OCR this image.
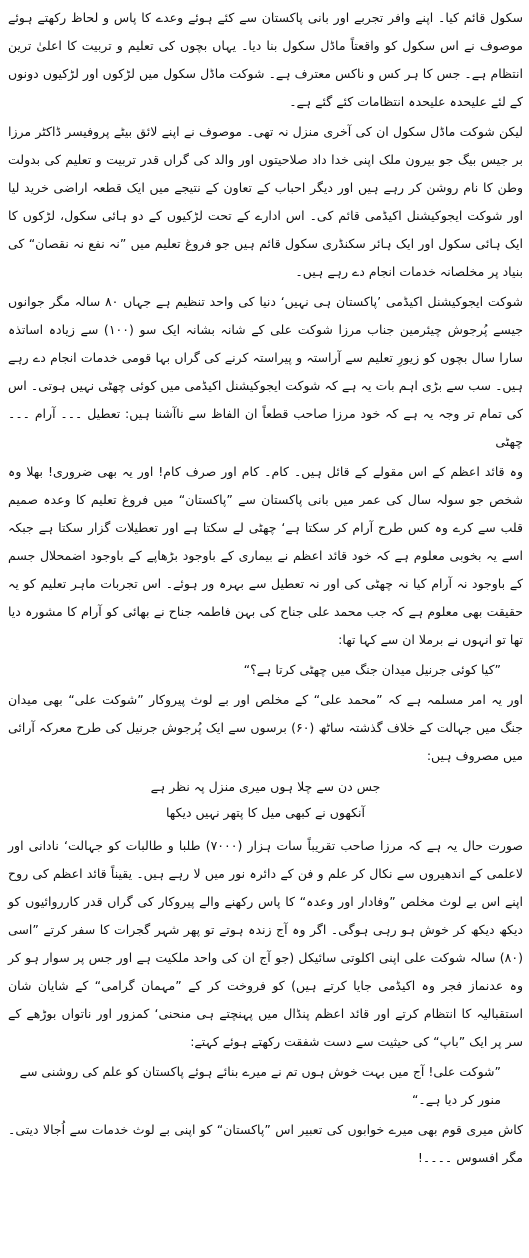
سکول قائم کیا۔ اپنے وافر تجربے اور بانی پاکستان سے کئے ہوئے وعدے کا پاس و لحاظ رکھتے ہوئے موصوف نے اس سکول کو واقعتاً ماڈل سکول بنا دیا۔ یہاں بچوں کی تعلیم و تربیت کا اعلیٰ ترین انتظام ہے۔ جس کا ہر کس و ناکس معترف ہے۔ شوکت ماڈل سکول میں لڑکوں اور لڑکیوں دونوں کے لئے علیحدہ علیحدہ انتظامات کئے گئے ہے۔

لیکن شوکت ماڈل سکول ان کی آخری منزل نہ تھی۔ موصوف نے اپنے لائق بیٹے پروفیسر ڈاکٹر مرزا بر جیس بیگ جو بیرون ملک اپنی خدا داد صلاحیتوں اور والد کی گراں قدر تربیت و تعلیم کی بدولت وطن کا نام روشن کر رہے ہیں اور دیگر احباب کے تعاون کے نتیجے میں ایک قطعہ اراضی خرید لیا اور شوکت ایجوکیشنل اکیڈمی قائم کی۔ اس ادارے کے تحت لڑکیوں کے دو ہائی سکول، لڑکوں کا ایک ہائی سکول اور ایک ہائر سکنڈری سکول قائم ہیں جو فروغ تعلیم میں ”نہ نفع نہ نقصان“ کی بنیاد پر مخلصانہ خدمات انجام دے رہے ہیں۔

شوکت ایجوکیشنل اکیڈمی ’پاکستان ہی نہیں‘ دنیا کی واحد تنظیم ہے جہاں ۸۰ سالہ مگر جوانوں جیسے پُرجوش چیئرمین جناب مرزا شوکت علی کے شانہ بشانہ ایک سو (۱۰۰) سے زیادہ اساتذہ سارا سال بچوں کو زیورِ تعلیم سے آراستہ و پیراستہ کرنے کی گراں بہا قومی خدمات انجام دے رہے ہیں۔ سب سے بڑی اہم بات یہ ہے کہ شوکت ایجوکیشنل اکیڈمی میں کوئی چھٹی نہیں ہوتی۔ اس کی تمام تر وجہ یہ ہے کہ خود مرزا صاحب قطعاً ان الفاظ سے ناآشنا ہیں: تعطیل ۔۔۔ آرام ۔۔۔ چھٹی

وہ قائد اعظم کے اس مقولے کے قائل ہیں۔ کام۔ کام اور صرف کام! اور یہ بھی ضروری! بھلا وہ شخص جو سولہ سال کی عمر میں بانی پاکستان سے ”پاکستان“ میں فروغ تعلیم کا وعدہ صمیم قلب سے کرے وہ کس طرح آرام کر سکتا ہے‘ چھٹی لے سکتا ہے اور تعطیلات گزار سکتا ہے جبکہ اسے یہ بخوبی معلوم ہے کہ خود قائد اعظم نے بیماری کے باوجود بڑھاپے کے باوجود اضمحلال جسم کے باوجود نہ آرام کیا نہ چھٹی کی اور نہ تعطیل سے بہرہ ور ہوئے۔ اس تجربات ماہر تعلیم کو یہ حقیقت بھی معلوم ہے کہ جب محمد علی جناح کی بہن فاطمہ جناح نے بھائی کو آرام کا مشورہ دیا تھا تو انہوں نے برملا ان سے کہا تھا:

”کیا کوئی جرنیل میدان جنگ میں چھٹی کرتا ہے؟“

اور یہ امر مسلمہ ہے کہ ”محمد علی“ کے مخلص اور بے لوث پیروکار ”شوکت علی“ بھی میدان جنگ میں جہالت کے خلاف گذشتہ ساٹھ (۶۰) برسوں سے ایک پُرجوش جرنیل کی طرح معرکہ آرائی میں مصروف ہیں:

جس دن سے چلا ہوں میری منزل پہ نظر ہے

آنکھوں نے کبھی میل کا پتھر نہیں دیکھا

صورت حال یہ ہے کہ مرزا صاحب تقریباً سات ہزار (۷۰۰۰) طلبا و طالبات کو جہالت‘ نادانی اور لاعلمی کے اندھیروں سے نکال کر علم و فن کے دائرہ نور میں لا رہے ہیں۔ یقیناً قائد اعظم کی روح اپنے اس بے لوث مخلص ”وفادار اور وعدہ“ کا پاس رکھنے والے پیروکار کی گراں قدر کارروائیوں کو دیکھ دیکھ کر خوش ہو رہی ہوگی۔ اگر وہ آج زندہ ہوتے تو پھر شہر گجرات کا سفر کرتے ”اسی (۸۰) سالہ شوکت علی اپنی اکلوتی سائیکل (جو آج ان کی واحد ملکیت ہے اور جس پر سوار ہو کر وہ عدنماز فجر وہ اکیڈمی جایا کرتے ہیں) کو فروخت کر کے ”مہمان گرامی“ کے شایان شان استقبالیہ کا انتظام کرتے اور قائد اعظم پنڈال میں پہنچتے ہی منحنی‘ کمزور اور ناتواں بوڑھے کے سر پر ایک ”باپ“ کی حیثیت سے دست شفقت رکھتے ہوئے کہتے:

”شوکت علی! آج میں بہت خوش ہوں تم نے میرے بنائے ہوئے پاکستان کو علم کی روشنی سے منور کر دیا ہے۔“

کاش میری قوم بھی میرے خوابوں کی تعبیر اس ”پاکستان“ کو اپنی بے لوث خدمات سے اُجالا دیتی۔ مگر افسوس ۔۔۔۔!
